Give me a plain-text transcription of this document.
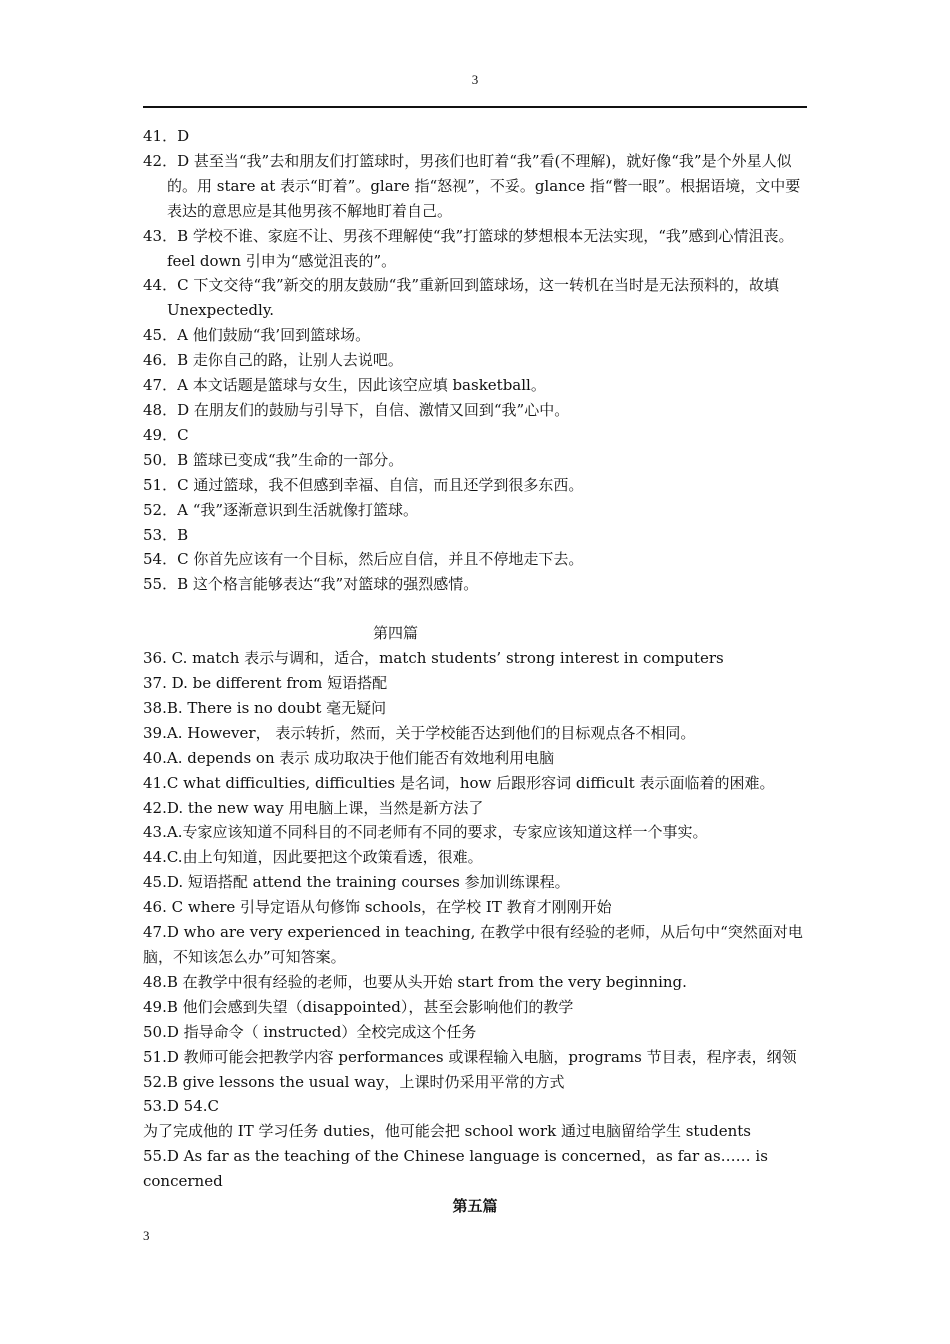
3
41．D
42．D 甚至当“我”去和朋友们打篮球时，男孩们也盯着“我”看(不理解)，就好像“我”是个外星人似的。用 stare at 表示“盯着”。glare 指“怒视”，不妥。glance 指“瞥一眼”。根据语境，文中要表达的意思应是其他男孩不解地盯着自己。
43．B 学校不谁、家庭不让、男孩不理解使“我”打篮球的梦想根本无法实现，“我”感到心情沮丧。feel down 引申为“感觉沮丧的”。
44．C 下文交待“我”新交的朋友鼓励“我”重新回到篮球场，这一转机在当时是无法预料的，故填 Unexpectedly.
45．A 他们鼓励“我’回到篮球场。
46．B 走你自己的路，让别人去说吧。
47．A 本文话题是篮球与女生，因此该空应填 basketball。
48．D 在朋友们的鼓励与引导下，自信、激情又回到“我”心中。
49．C
50．B 篮球已变成“我”生命的一部分。
51．C 通过篮球，我不但感到幸福、自信，而且还学到很多东西。
52．A “我”逐渐意识到生活就像打篮球。
53．B
54．C 你首先应该有一个目标，然后应自信，并且不停地走下去。
55．B 这个格言能够表达“我”对篮球的强烈感情。
第四篇
36. C. match 表示与调和，适合，match students’ strong interest in computers
37. D. be different from 短语搭配
38.B. There is no doubt 毫无疑问
39.A. However， 表示转折，然而，关于学校能否达到他们的目标观点各不相同。
40.A. depends on 表示 成功取决于他们能否有效地利用电脑
41.C what difficulties, difficulties 是名词，how 后跟形容词 difficult 表示面临着的困难。
42.D. the new way 用电脑上课，当然是新方法了
43.A.专家应该知道不同科目的不同老师有不同的要求，专家应该知道这样一个事实。
44.C.由上句知道，因此要把这个政策看透，很难。
45.D. 短语搭配 attend the training courses 参加训练课程。
46. C where 引导定语从句修饰 schools，在学校 IT 教育才刚刚开始
47.D who are very experienced in teaching, 在教学中很有经验的老师，从后句中“突然面对电脑，不知该怎么办”可知答案。
48.B 在教学中很有经验的老师，也要从头开始 start from the very beginning.
49.B 他们会感到失望（disappointed），甚至会影响他们的教学
50.D 指导命令（ instructed）全校完成这个任务
51.D 教师可能会把教学内容 performances 或课程输入电脑，programs 节目表，程序表，纲领
52.B give lessons the usual way，上课时仍采用平常的方式
53.D 54.C
为了完成他的 IT 学习任务 duties，他可能会把 school work 通过电脑留给学生 students
55.D As far as the teaching of the Chinese language is concerned，as far as…… is concerned
第五篇
3
